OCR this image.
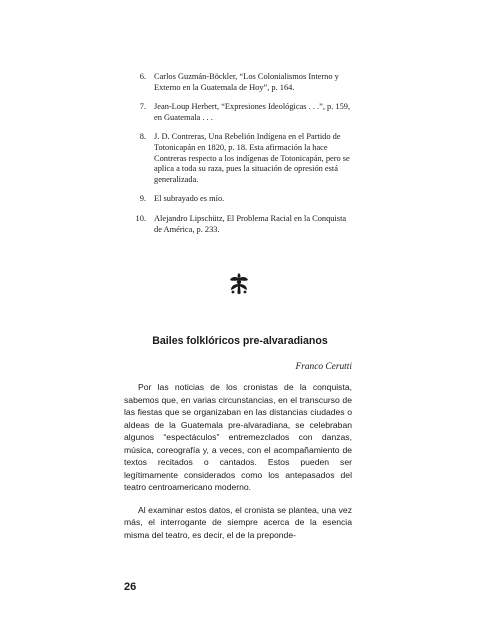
6 . Carlos Guzmán-Böckler, “Los Colonialismos Interno y Externo en la Guatemala de Hoy”, p. 164.
7 . Jean-Loup Herbert, “Expresiones Ideológicas . . .”, p. 159, en Guatemala . . .
8 . J. D. Contreras, Una Rebelión Indígena en el Partido de Totonicapán en 1820, p. 18. Esta afirmación la hace Contreras respecto a los indígenas de Totonicapán, pero se aplica a toda su raza, pues la situación de opresión está generalizada.
9 . El subrayado es mío.
10 . Alejandro Lipschütz, El Problema Racial en la Conquista de América, p. 233.
Bailes folklóricos pre-alvaradianos
Franco Cerutti

Por las noticias de los cronistas de la conquista, sabemos que, en varias circunstancias, en el transcurso de las fiestas que se organizaban en las distancias ciudades o aldeas de la Guatemala pre-alvaradiana, se celebraban algunos “espectáculos” entremezclados con danzas, música, coreografía y, a veces, con el acompañamiento de textos recitados o cantados. Estos pueden ser legítimamente considerados como los antepasados del teatro centroamericano moderno.

Al examinar estos datos, el cronista se plantea, una vez más, el interrogante de siempre acerca de la esencia misma del teatro, es decir, el de la preponde-

26
